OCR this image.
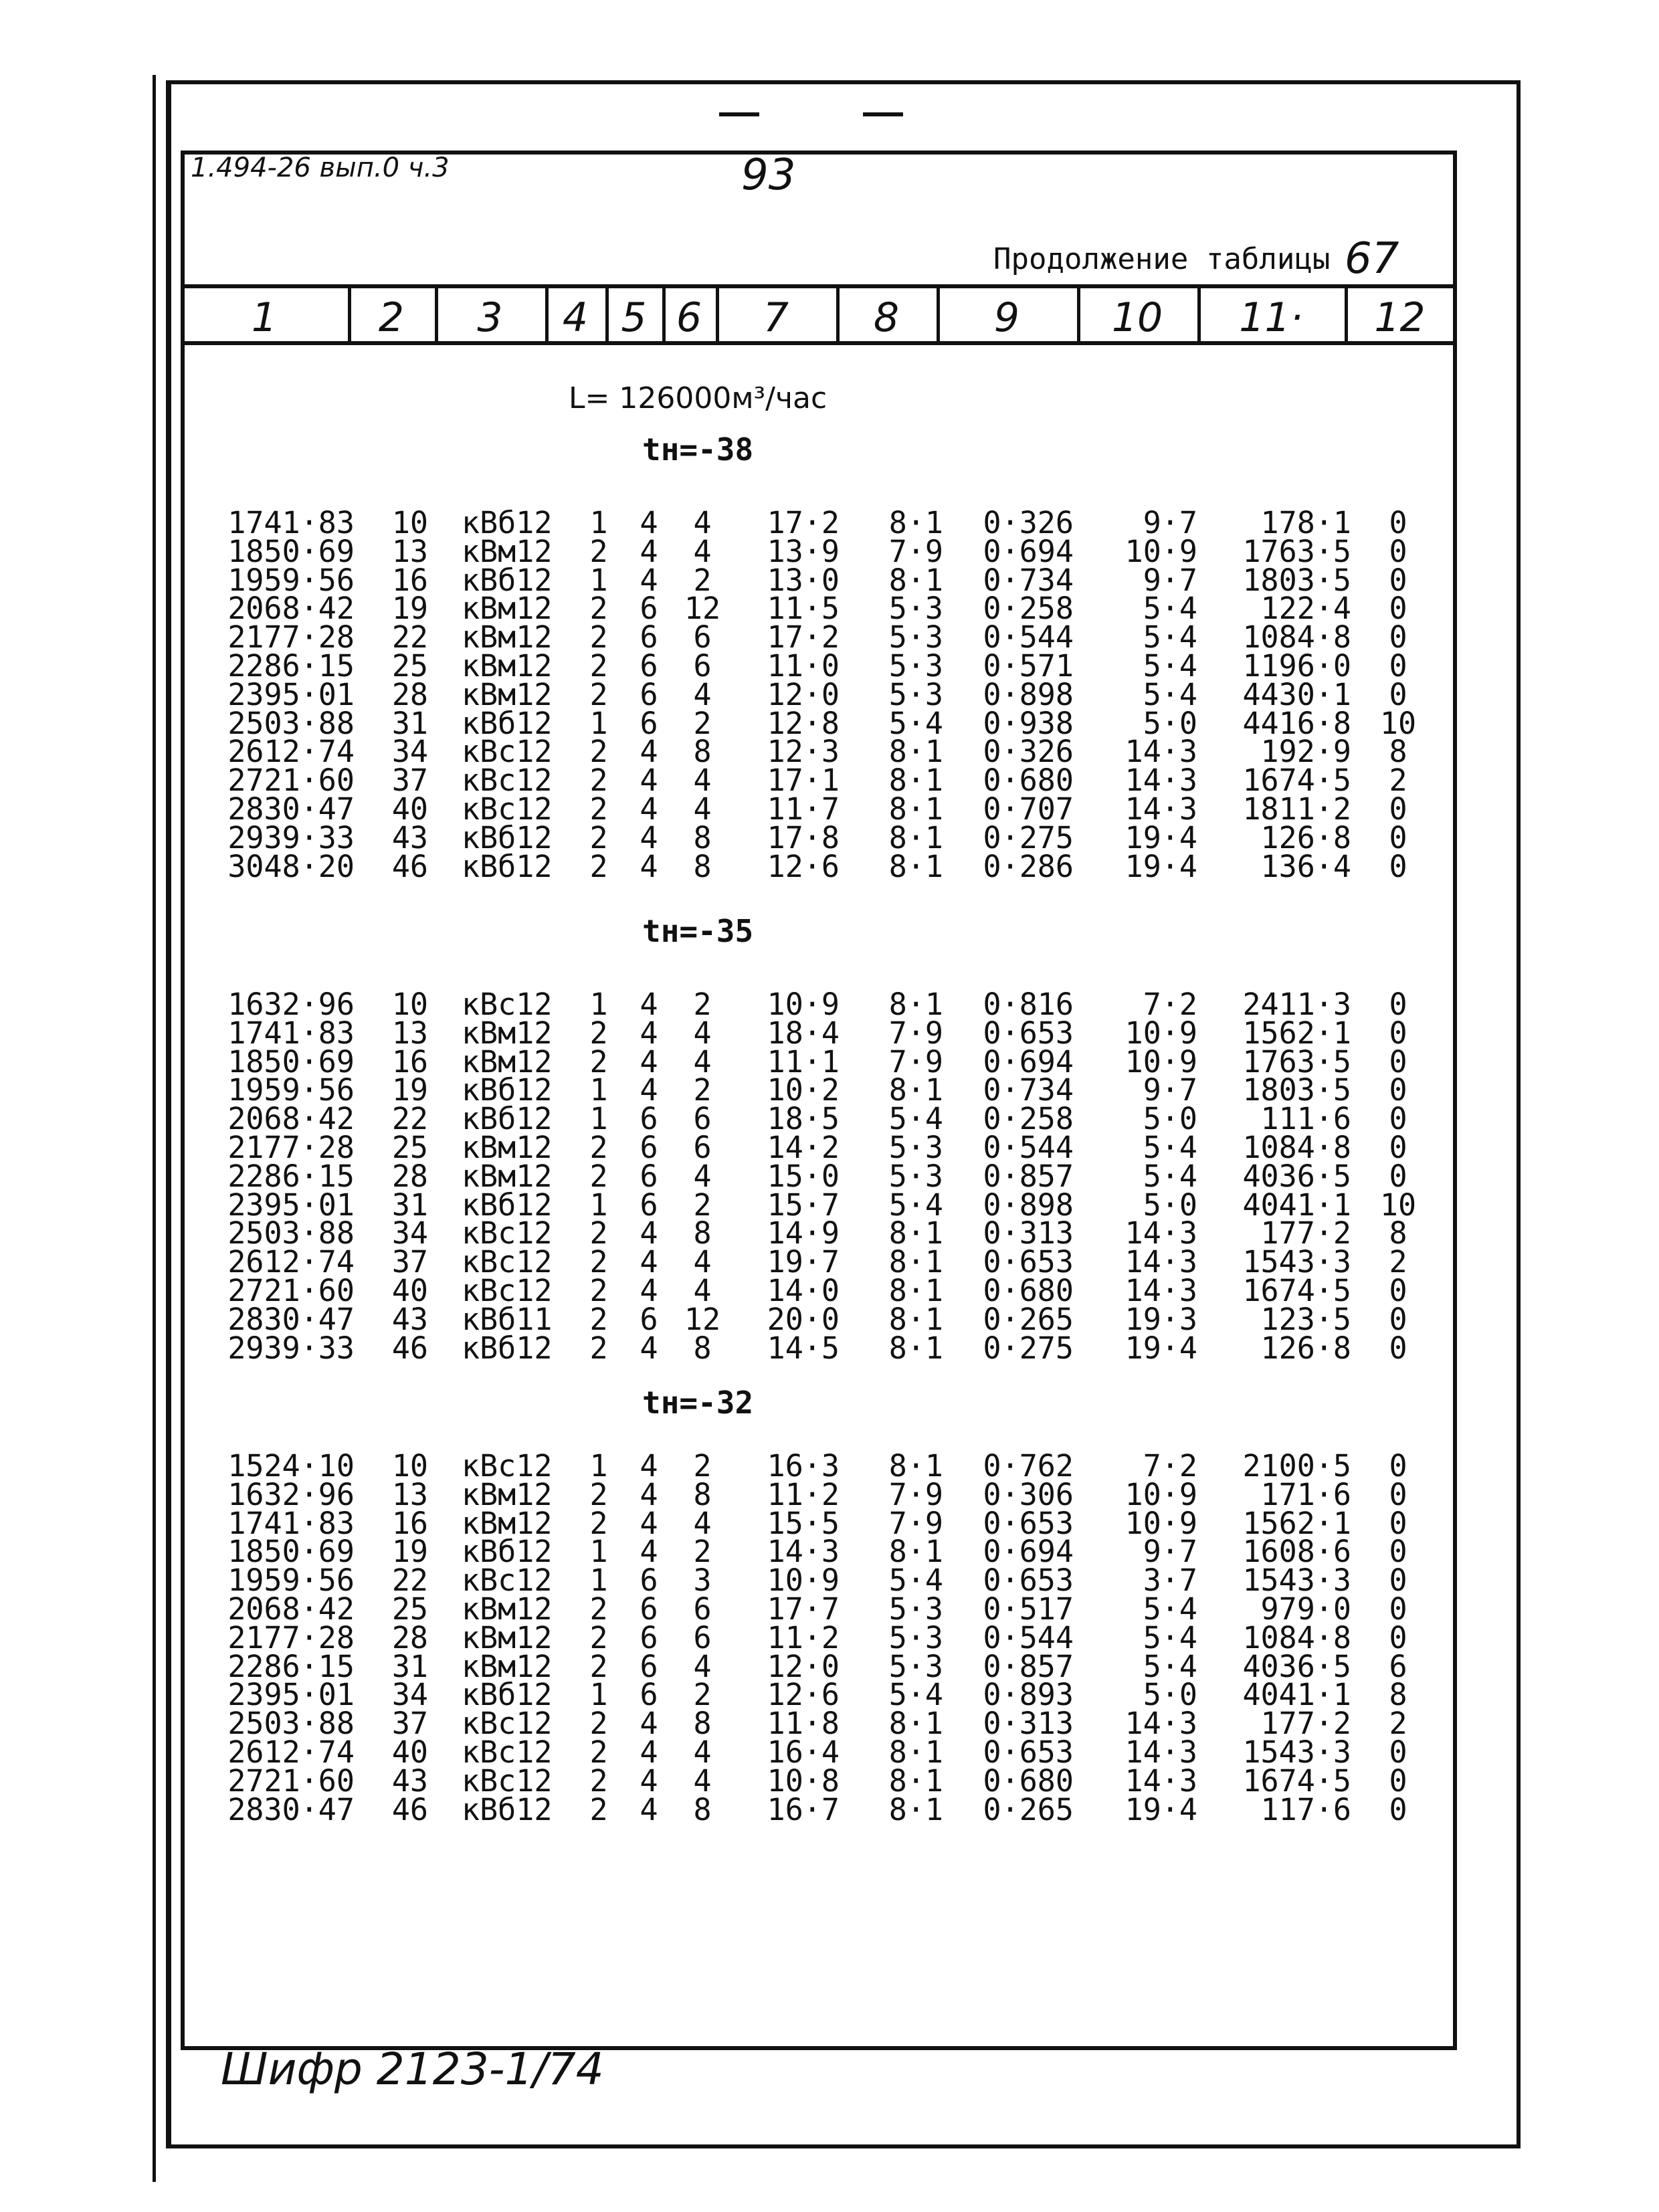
1.494-26 вып.0 ч.3	93
Продолжение таблицы 67
1	2	3	4 5 6	7	8	9	10	11·	12
L= 126000м³/час
tн=-38
1741·83	10 кВб12	1 4	4	17·2	8·1	0·326	9·7	178·1	0
1850·69	13 кВм12	2 4	4	13·9	7·9	0·694	10·9	1763·5	0
1959·56	16 кВб12	1 4	2	13·0	8·1	0·734	9·7	1803·5	0
2068·42	19 кВм12	2 6 12	11·5	5·3	0·258	5·4	122·4	0
2177·28	22 кВм12	2 6	6	17·2	5·3	0·544	5·4	1084·8	0
2286·15	25 кВм12	2 6	6	11·0	5·3	0·571	5·4	1196·0	0
2395·01	28 кВм12	2 6	4	12·0	5·3	0·898	5·4	4430·1	0
2503·88	31 кВб12	1 6	2	12·8	5·4	0·938	5·0	4416·8 10
2612·74	34 кВс12	2 4	8	12·3	8·1	0·326	14·3	192·9	8
2721·60	37 кВс12	2 4	4	17·1	8·1	0·680	14·3	1674·5	2
2830·47	40 кВс12	2 4	4	11·7	8·1	0·707	14·3	1811·2	0
2939·33	43 кВб12	2 4	8	17·8	8·1	0·275	19·4	126·8	0
3048·20	46 кВб12	2 4	8	12·6	8·1	0·286	19·4	136·4	0
tн=-35
1632·96	10 кВс12	1 4	2	10·9	8·1	0·816	7·2	2411·3	0
1741·83	13 кВм12	2 4	4	18·4	7·9	0·653	10·9	1562·1	0
1850·69	16 кВм12	2 4	4	11·1	7·9	0·694	10·9	1763·5	0
1959·56	19 кВб12	1 4	2	10·2	8·1	0·734	9·7	1803·5	0
2068·42	22 кВб12	1 6	6	18·5	5·4	0·258	5·0	111·6	0
2177·28	25 кВм12	2 6	6	14·2	5·3	0·544	5·4	1084·8	0
2286·15	28 кВм12	2 6	4	15·0	5·3	0·857	5·4	4036·5	0
2395·01	31 кВб12	1 6	2	15·7	5·4	0·898	5·0	4041·1 10
2503·88	34 кВс12	2 4	8	14·9	8·1	0·313	14·3	177·2	8
2612·74	37 кВс12	2 4	4	19·7	8·1	0·653	14·3	1543·3	2
2721·60	40 кВс12	2 4	4	14·0	8·1	0·680	14·3	1674·5	0
2830·47	43 кВб11	2 6 12	20·0	8·1	0·265	19·3	123·5	0
2939·33	46 кВб12	2 4	8	14·5	8·1	0·275	19·4	126·8	0
tн=-32
1524·10	10 кВс12	1 4	2	16·3	8·1	0·762	7·2	2100·5	0
1632·96	13 кВм12	2 4	8	11·2	7·9	0·306	10·9	171·6	0
1741·83	16 кВм12	2 4	4	15·5	7·9	0·653	10·9	1562·1	0
1850·69	19 кВб12	1 4	2	14·3	8·1	0·694	9·7	1608·6	0
1959·56	22 кВс12	1 6	3	10·9	5·4	0·653	3·7	1543·3	0
2068·42	25 кВм12	2 6	6	17·7	5·3	0·517	5·4	979·0	0
2177·28	28 кВм12	2 6	6	11·2	5·3	0·544	5·4	1084·8	0
2286·15	31 кВм12	2 6	4	12·0	5·3	0·857	5·4	4036·5	6
2395·01	34 кВб12	1 6	2	12·6	5·4	0·893	5·0	4041·1	8
2503·88	37 кВс12	2 4	8	11·8	8·1	0·313	14·3	177·2	2
2612·74	40 кВс12	2 4	4	16·4	8·1	0·653	14·3	1543·3	0
2721·60	43 кВс12	2 4	4	10·8	8·1	0·680	14·3	1674·5	0
2830·47	46 кВб12	2 4	8	16·7	8·1	0·265	19·4	117·6	0
Шифр 2123-1/74
